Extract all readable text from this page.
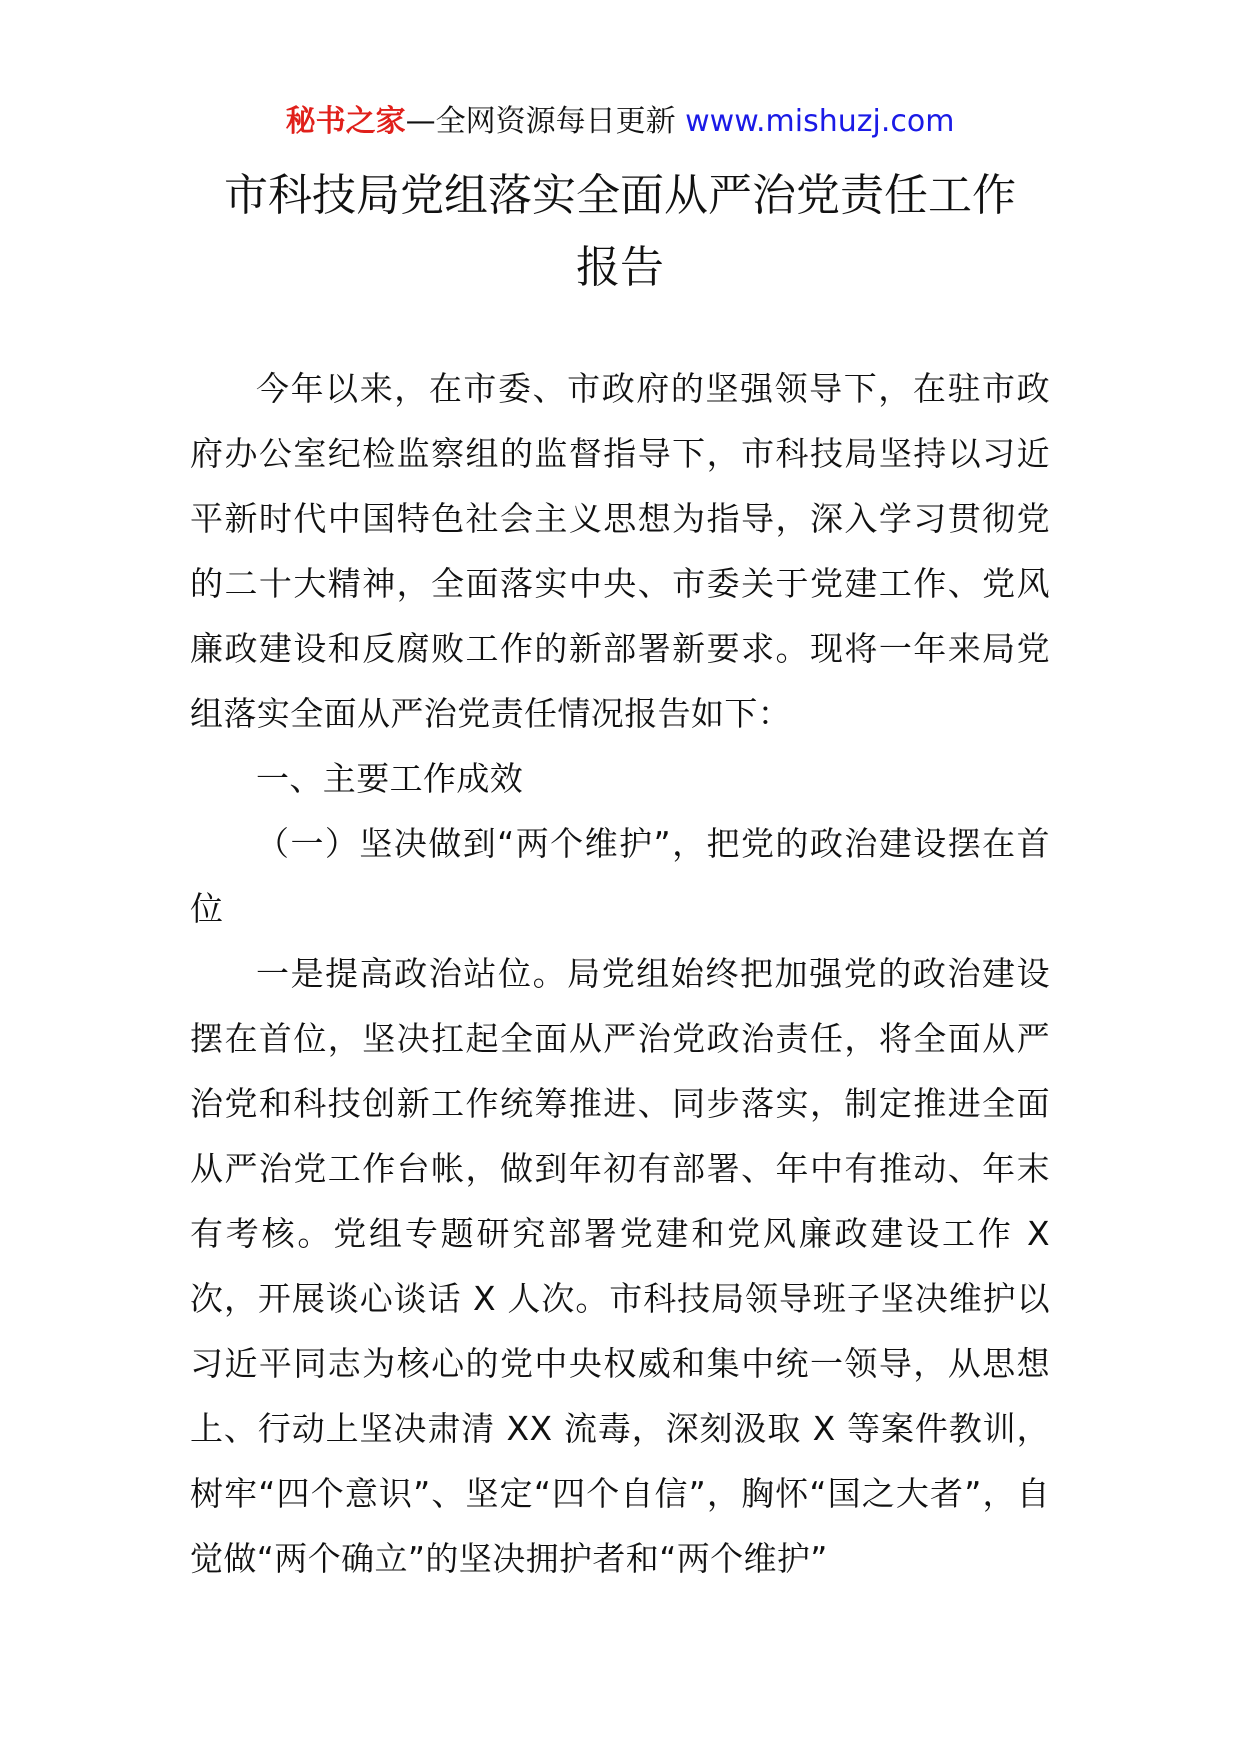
秘书之家—全网资源每日更新 www.mishuzj.com
市科技局党组落实全面从严治党责任工作
报告

今年以来，在市委、市政府的坚强领导下，在驻市政府办公室纪检监察组的监督指导下，市科技局坚持以习近平新时代中国特色社会主义思想为指导，深入学习贯彻党的二十大精神，全面落实中央、市委关于党建工作、党风廉政建设和反腐败工作的新部署新要求。现将一年来局党组落实全面从严治党责任情况报告如下：

一、主要工作成效

（一）坚决做到“两个维护”，把党的政治建设摆在首位

一是提高政治站位。局党组始终把加强党的政治建设摆在首位，坚决扛起全面从严治党政治责任，将全面从严治党和科技创新工作统筹推进、同步落实，制定推进全面从严治党工作台帐，做到年初有部署、年中有推动、年末有考核。党组专题研究部署党建和党风廉政建设工作 X 次，开展谈心谈话 X 人次。市科技局领导班子坚决维护以习近平同志为核心的党中央权威和集中统一领导，从思想上、行动上坚决肃清 XX 流毒，深刻汲取 X 等案件教训，树牢“四个意识”、坚定“四个自信”，胸怀“国之大者”，自觉做“两个确立”的坚决拥护者和“两个维护”
